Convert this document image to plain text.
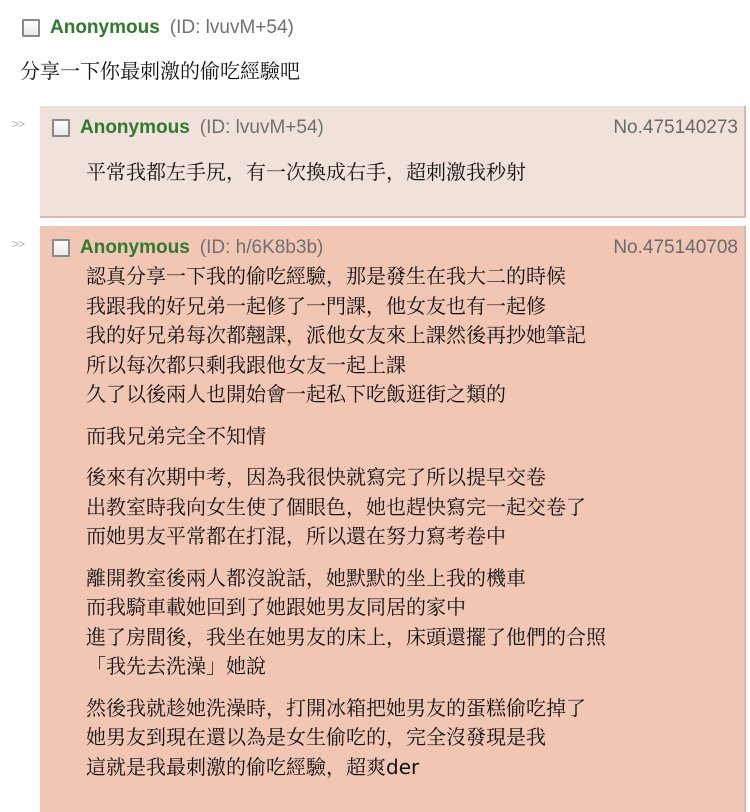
Anonymous (ID: lvuvM+54)
分享一下你最刺激的偷吃經驗吧
>>	Anonymous (ID: lvuvM+54)	No.475140273
平常我都左手尻，有一次換成右手，超刺激我秒射
>>	Anonymous (ID: h/6K8b3b)	No.475140708
認真分享一下我的偷吃經驗，那是發生在我大二的時候
我跟我的好兄弟一起修了一門課，他女友也有一起修
我的好兄弟每次都翹課，派他女友來上課然後再抄她筆記
所以每次都只剩我跟他女友一起上課
久了以後兩人也開始會一起私下吃飯逛街之類的
而我兄弟完全不知情
後來有次期中考，因為我很快就寫完了所以提早交卷
出教室時我向女生使了個眼色，她也趕快寫完一起交卷了
而她男友平常都在打混，所以還在努力寫考卷中
離開教室後兩人都沒說話，她默默的坐上我的機車
而我騎車載她回到了她跟她男友同居的家中
進了房間後，我坐在她男友的床上，床頭還擺了他們的合照
「我先去洗澡」她說
然後我就趁她洗澡時，打開冰箱把她男友的蛋糕偷吃掉了
她男友到現在還以為是女生偷吃的，完全沒發現是我
這就是我最刺激的偷吃經驗，超爽der
